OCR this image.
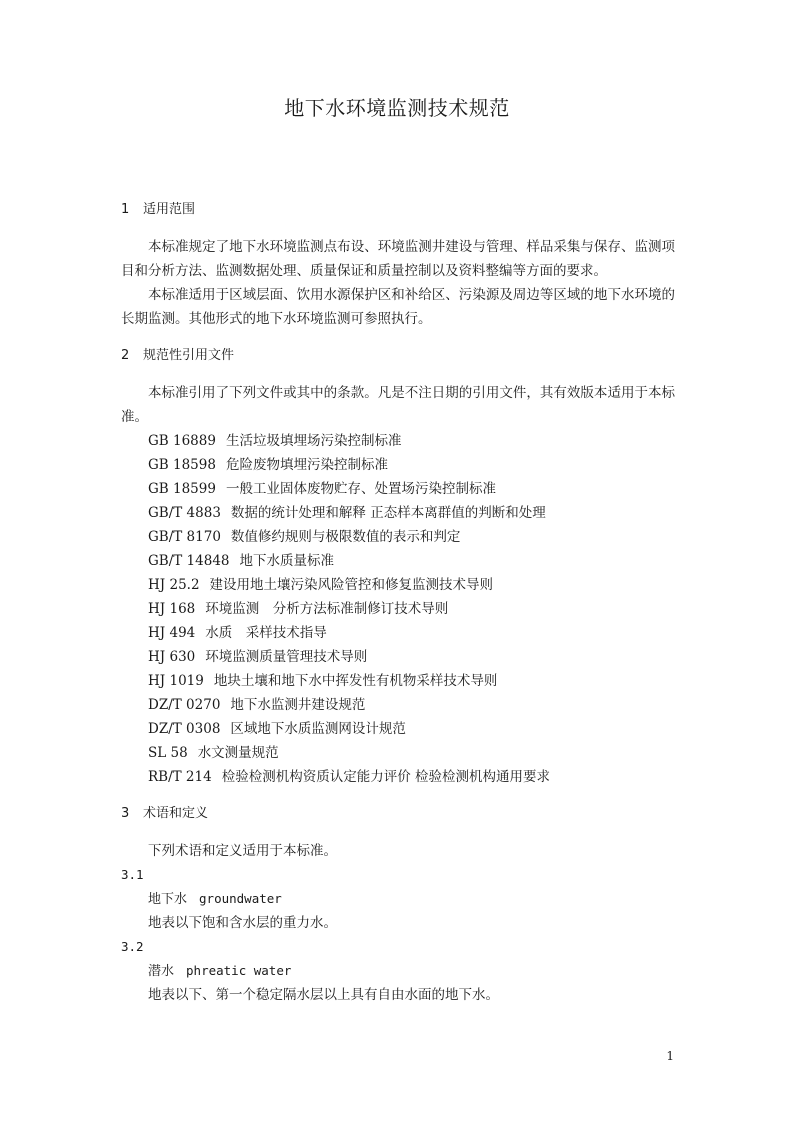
地下水环境监测技术规范
1 适用范围

本标准规定了地下水环境监测点布设、环境监测井建设与管理、样品采集与保存、监测项目和分析方法、监测数据处理、质量保证和质量控制以及资料整编等方面的要求。

本标准适用于区域层面、饮用水源保护区和补给区、污染源及周边等区域的地下水环境的长期监测。其他形式的地下水环境监测可参照执行。

2 规范性引用文件

本标准引用了下列文件或其中的条款。凡是不注日期的引用文件，其有效版本适用于本标准。

GB 16889 生活垃圾填埋场污染控制标准
GB 18598 危险废物填埋污染控制标准
GB 18599 一般工业固体废物贮存、处置场污染控制标准
GB/T 4883 数据的统计处理和解释 正态样本离群值的判断和处理
GB/T 8170 数值修约规则与极限数值的表示和判定
GB/T 14848 地下水质量标准
HJ 25.2 建设用地土壤污染风险管控和修复监测技术导则
HJ 168 环境监测　分析方法标准制修订技术导则
HJ 494 水质　采样技术指导
HJ 630 环境监测质量管理技术导则
HJ 1019 地块土壤和地下水中挥发性有机物采样技术导则
DZ/T 0270 地下水监测井建设规范
DZ/T 0308 区域地下水质监测网设计规范
SL 58 水文测量规范
RB/T 214 检验检测机构资质认定能力评价 检验检测机构通用要求
3 术语和定义

下列术语和定义适用于本标准。

3.1
地下水 groundwater
地表以下饱和含水层的重力水。
3.2
潜水 phreatic water
地表以下、第一个稳定隔水层以上具有自由水面的地下水。
1
